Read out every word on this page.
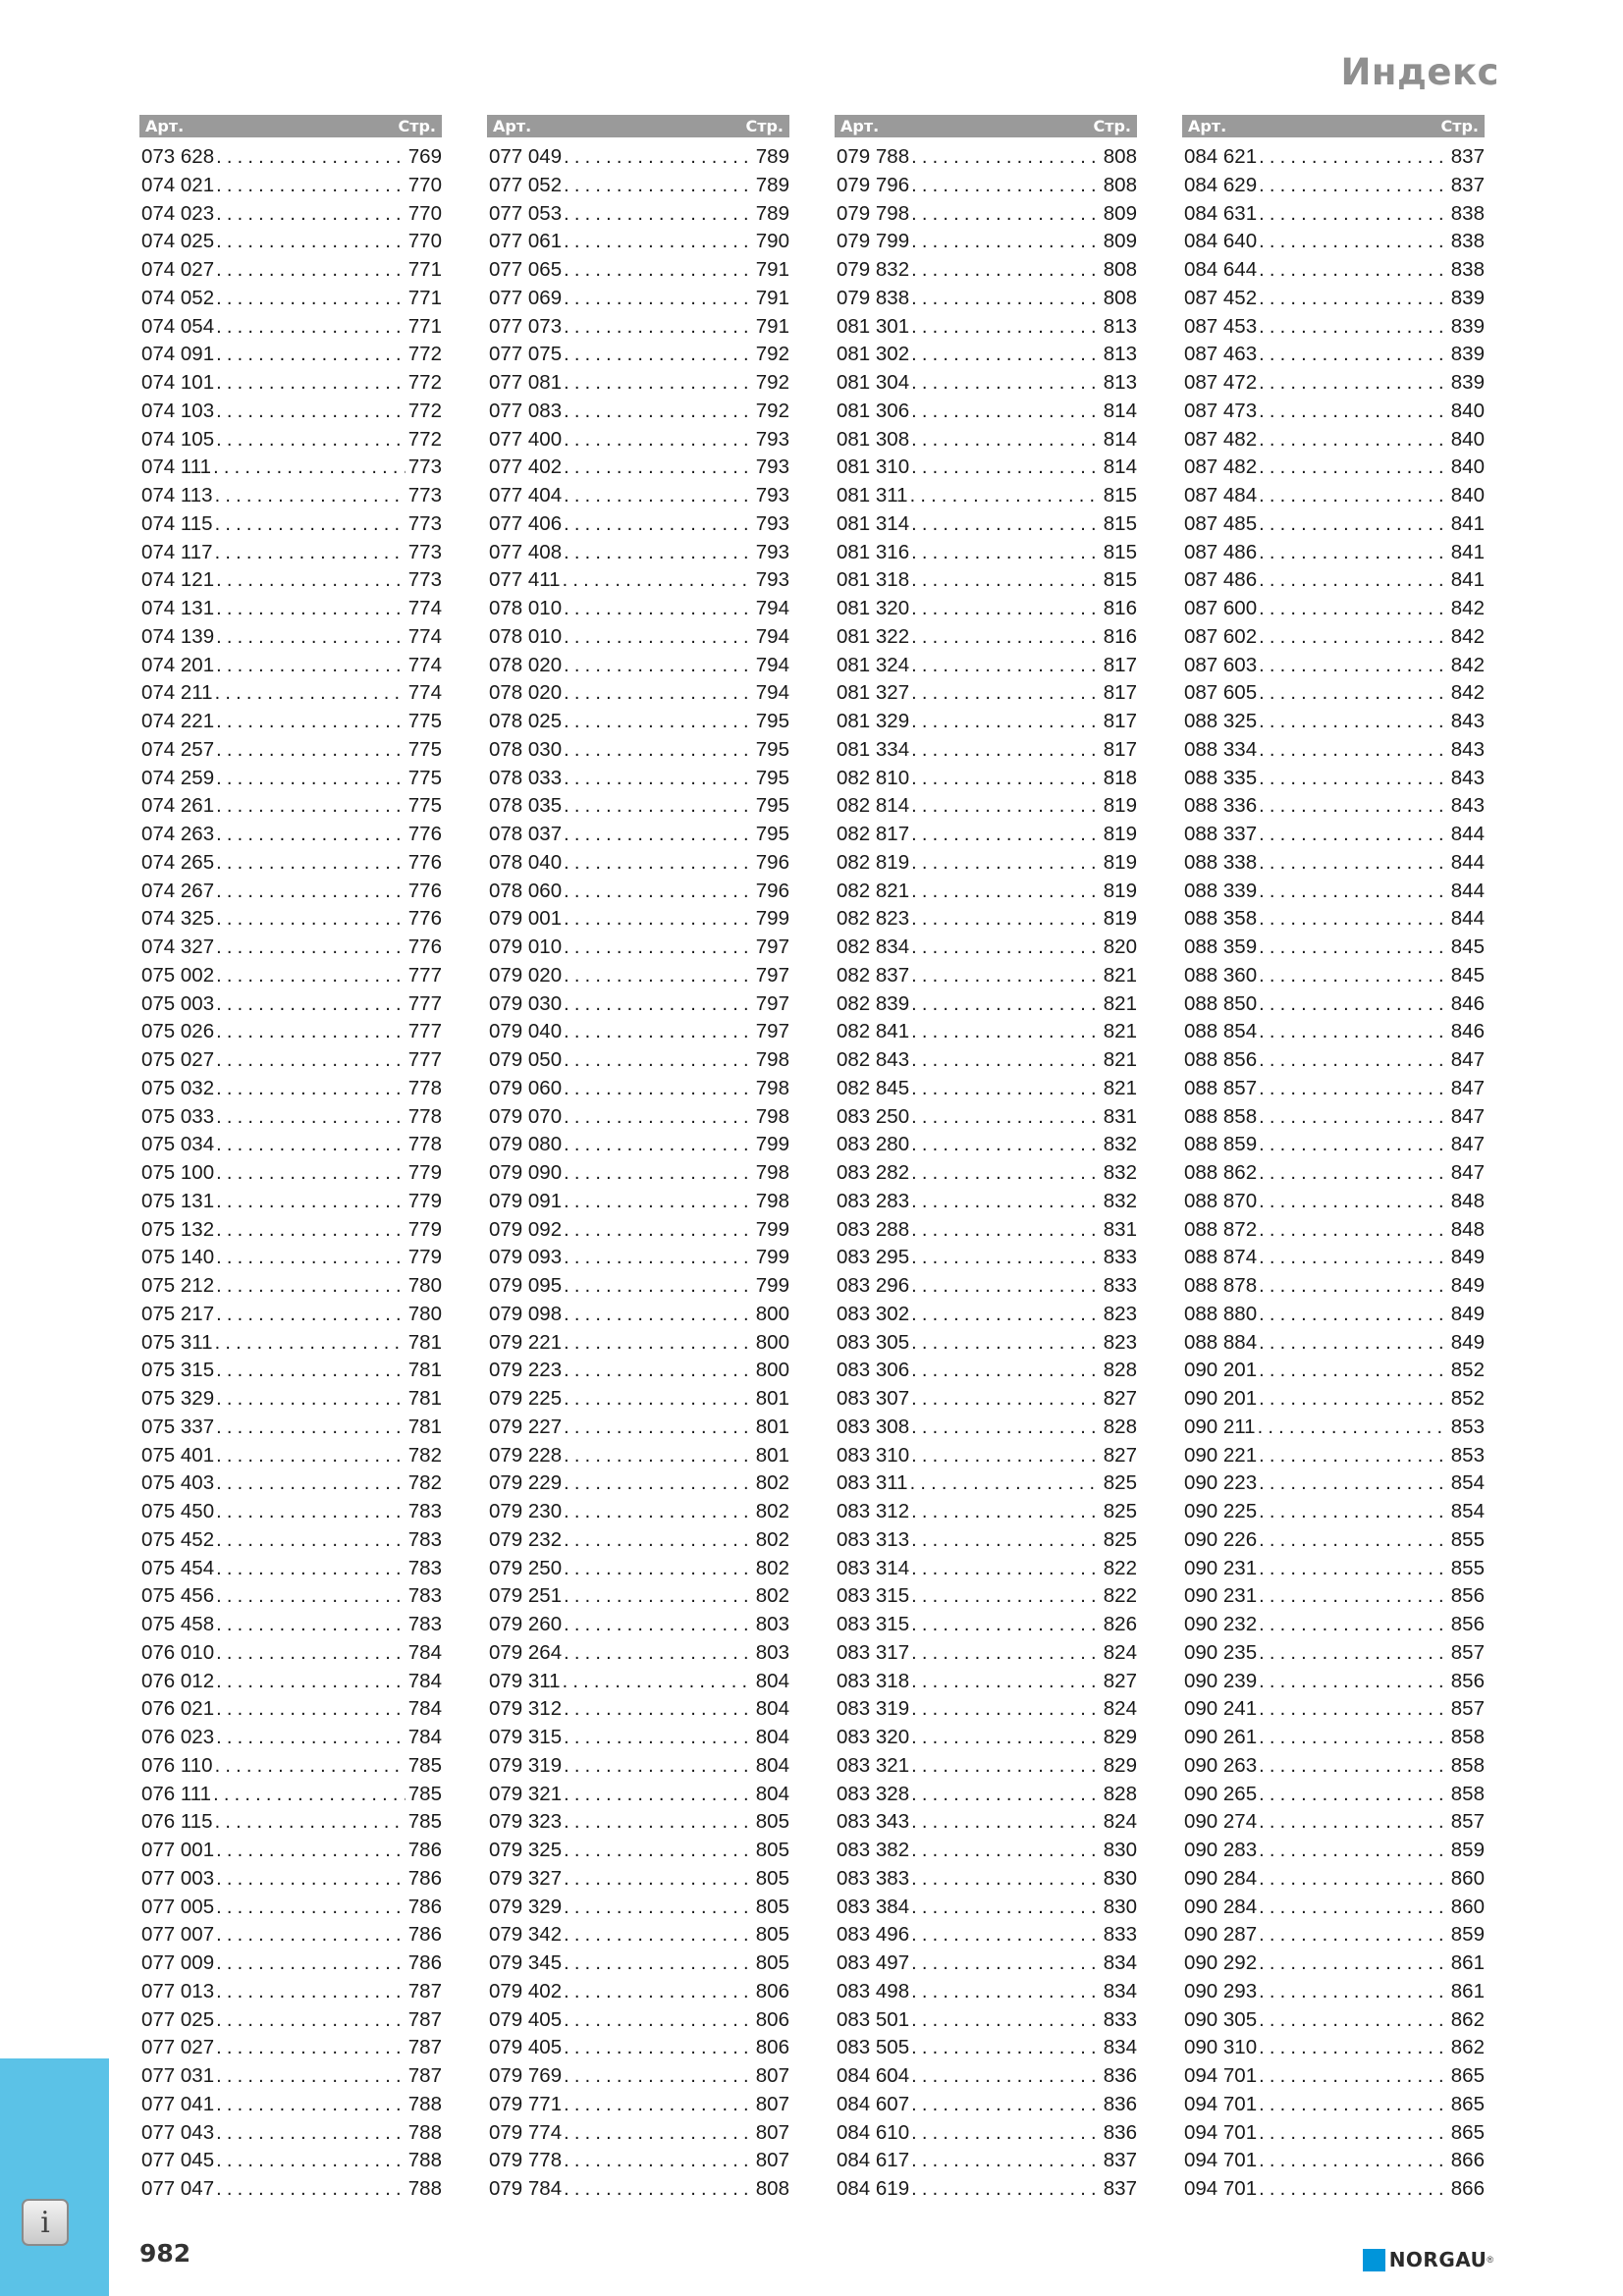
Индекс
Арт.	Стр.
073 628 .....	769
074 021 .....	770
074 023 .....	770
074 025 .....	770
074 027 .....	771
074 052 .....	771
074 054 .....	771
074 091 .....	772
074 101 .....	772
074 103 .....	772
074 105 .....	772
074 111 .....	773
074 113 .....	773
074 115 .....	773
074 117 .....	773
074 121 .....	773
074 131 .....	774
074 139 .....	774
074 201 .....	774
074 211 .....	774
074 221 .....	775
074 257 .....	775
074 259 .....	775
074 261 .....	775
074 263 .....	776
074 265 .....	776
074 267 .....	776
074 325 .....	776
074 327 .....	776
075 002 .....	777
075 003 .....	777
075 026 .....	777
075 027 .....	777
075 032 .....	778
075 033 .....	778
075 034 .....	778
075 100 .....	779
075 131 .....	779
075 132 .....	779
075 140 .....	779
075 212 .....	780
075 217 .....	780
075 311 .....	781
075 315 .....	781
075 329 .....	781
075 337 .....	781
075 401 .....	782
075 403 .....	782
075 450 .....	783
075 452 .....	783
075 454 .....	783
075 456 .....	783
075 458 .....	783
076 010 .....	784
076 012 .....	784
076 021 .....	784
076 023 .....	784
076 110 .....	785
076 111 .....	785
076 115 .....	785
077 001 .....	786
077 003 .....	786
077 005 .....	786
077 007 .....	786
077 009 .....	786
077 013 .....	787
077 025 .....	787
077 027 .....	787
077 031 .....	787
077 041 .....	788
077 043 .....	788
077 045 .....	788
077 047 .....	788
Арт.	Стр.
077 049 .....	789
077 052 .....	789
077 053 .....	789
077 061 .....	790
077 065 .....	791
077 069 .....	791
077 073 .....	791
077 075 .....	792
077 081 .....	792
077 083 .....	792
077 400 .....	793
077 402 .....	793
077 404 .....	793
077 406 .....	793
077 408 .....	793
077 411 .....	793
078 010 .....	794
078 010 .....	794
078 020 .....	794
078 020 .....	794
078 025 .....	795
078 030 .....	795
078 033 .....	795
078 035 .....	795
078 037 .....	795
078 040 .....	796
078 060 .....	796
079 001 .....	799
079 010 .....	797
079 020 .....	797
079 030 .....	797
079 040 .....	797
079 050 .....	798
079 060 .....	798
079 070 .....	798
079 080 .....	799
079 090 .....	798
079 091 .....	798
079 092 .....	799
079 093 .....	799
079 095 .....	799
079 098 .....	800
079 221 .....	800
079 223 .....	800
079 225 .....	801
079 227 .....	801
079 228 .....	801
079 229 .....	802
079 230 .....	802
079 232 .....	802
079 250 .....	802
079 251 .....	802
079 260 .....	803
079 264 .....	803
079 311 .....	804
079 312 .....	804
079 315 .....	804
079 319 .....	804
079 321 .....	804
079 323 .....	805
079 325 .....	805
079 327 .....	805
079 329 .....	805
079 342 .....	805
079 345 .....	805
079 402 .....	806
079 405 .....	806
079 405 .....	806
079 769 .....	807
079 771 .....	807
079 774 .....	807
079 778 .....	807
079 784 .....	808
Арт.	Стр.
079 788 .....	808
079 796 .....	808
079 798 .....	809
079 799 .....	809
079 832 .....	808
079 838 .....	808
081 301 .....	813
081 302 .....	813
081 304 .....	813
081 306 .....	814
081 308 .....	814
081 310 .....	814
081 311 .....	815
081 314 .....	815
081 316 .....	815
081 318 .....	815
081 320 .....	816
081 322 .....	816
081 324 .....	817
081 327 .....	817
081 329 .....	817
081 334 .....	817
082 810 .....	818
082 814 .....	819
082 817 .....	819
082 819 .....	819
082 821 .....	819
082 823 .....	819
082 834 .....	820
082 837 .....	821
082 839 .....	821
082 841 .....	821
082 843 .....	821
082 845 .....	821
083 250 .....	831
083 280 .....	832
083 282 .....	832
083 283 .....	832
083 288 .....	831
083 295 .....	833
083 296 .....	833
083 302 .....	823
083 305 .....	823
083 306 .....	828
083 307 .....	827
083 308 .....	828
083 310 .....	827
083 311 .....	825
083 312 .....	825
083 313 .....	825
083 314 .....	822
083 315 .....	822
083 315 .....	826
083 317 .....	824
083 318 .....	827
083 319 .....	824
083 320 .....	829
083 321 .....	829
083 328 .....	828
083 343 .....	824
083 382 .....	830
083 383 .....	830
083 384 .....	830
083 496 .....	833
083 497 .....	834
083 498 .....	834
083 501 .....	833
083 505 .....	834
084 604 .....	836
084 607 .....	836
084 610 .....	836
084 617 .....	837
084 619 .....	837
Арт.	Стр.
084 621 .....	837
084 629 .....	837
084 631 .....	838
084 640 .....	838
084 644 .....	838
087 452 .....	839
087 453 .....	839
087 463 .....	839
087 472 .....	839
087 473 .....	840
087 482 .....	840
087 482 .....	840
087 484 .....	840
087 485 .....	841
087 486 .....	841
087 486 .....	841
087 600 .....	842
087 602 .....	842
087 603 .....	842
087 605 .....	842
088 325 .....	843
088 334 .....	843
088 335 .....	843
088 336 .....	843
088 337 .....	844
088 338 .....	844
088 339 .....	844
088 358 .....	844
088 359 .....	845
088 360 .....	845
088 850 .....	846
088 854 .....	846
088 856 .....	847
088 857 .....	847
088 858 .....	847
088 859 .....	847
088 862 .....	847
088 870 .....	848
088 872 .....	848
088 874 .....	849
088 878 .....	849
088 880 .....	849
088 884 .....	849
090 201 .....	852
090 201 .....	852
090 211 .....	853
090 221 .....	853
090 223 .....	854
090 225 .....	854
090 226 .....	855
090 231 .....	855
090 231 .....	856
090 232 .....	856
090 235 .....	857
090 239 .....	856
090 241 .....	857
090 261 .....	858
090 263 .....	858
090 265 .....	858
090 274 .....	857
090 283 .....	859
090 284 .....	860
090 284 .....	860
090 287 .....	859
090 292 .....	861
090 293 .....	861
090 305 .....	862
090 310 .....	862
094 701 .....	865
094 701 .....	865
094 701 .....	865
094 701 .....	866
094 701 .....	866
i
982	NORGAU ®
